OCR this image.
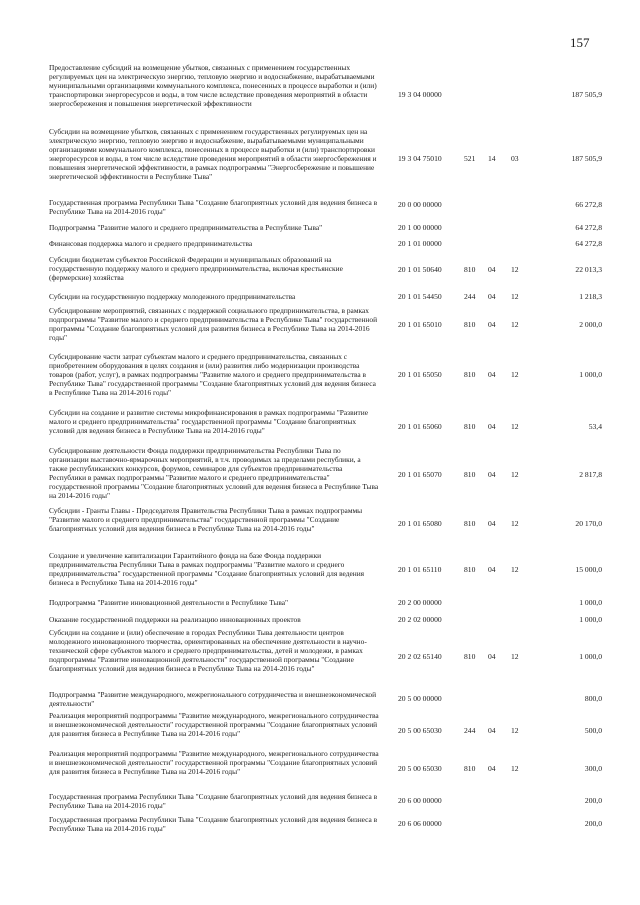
157
Предоставление субсидий на возмещение убытков, связанных с применением государственных регулируемых цен на электрическую энергию, тепловую энергию и водоснабжение, вырабатываемыми муниципальными организациями коммунального комплекса, понесенных в процессе выработки и (или) транспортировки энергоресурсов и воды, в том числе вследствие проведения мероприятий в области энергосбережения и повышения энергетической эффективности
19 3 04 00000	187 505,9
Субсидии на возмещение убытков, связанных с применением государственных регулируемых цен на электрическую энергию, тепловую энергию и водоснабжение, вырабатываемыми муниципальными организациями коммунального комплекса, понесенных в процессе выработки и (или) транспортировки энергоресурсов и воды, в том числе вследствие проведения мероприятий в области энергосбережения и повышения энергетической эффективности, в рамках подпрограммы "Энергосбережение и повышение энергетической эффективности в Республике Тыва"
19 3 04 75010	521 14 03	187 505,9
Государственная программа Республики Тыва "Создание благоприятных условий для ведения бизнеса в Республике Тыва на 2014-2016 годы"
20 0 00 00000	66 272,8
Подпрограмма "Развитие малого и среднего предпринимательства в Республике Тыва"	20 1 00 00000	64 272,8
Финансовая поддержка малого и среднего предпринимательства	20 1 01 00000	64 272,8
Субсидии бюджетам субъектов Российской Федерации и муниципальных образований на государственную поддержку малого и среднего предпринимательства, включая крестьянские (фермерские) хозяйства
20 1 01 50640	810 04 12	22 013,3
Субсидии на государственную поддержку молодежного предпринимательства	20 1 01 54450	244 04 12	1 218,3
Субсидирование мероприятий, связанных с поддержкой социального предпринимательства, в рамках подпрограммы "Развитие малого и среднего предпринимательства в Республике Тыва" государственной программы "Создание благоприятных условий для развития бизнеса в Республике Тыва на 2014-2016 годы"
20 1 01 65010	810 04 12	2 000,0
Субсидирование части затрат субъектам малого и среднего предпринимательства, связанных с приобретением оборудования в целях создания и (или) развития либо модернизации производства товаров (работ, услуг), в рамках подпрограммы "Развитие малого и среднего предпринимательства в Республике Тыва" государственной программы "Создание благоприятных условий для ведения бизнеса в Республике Тыва на 2014-2016 годы"
20 1 01 65050	810 04 12	1 000,0
Субсидии на создание и развитие системы микрофинансирования в рамках подпрограммы "Развитие малого и среднего предпринимательства" государственной программы "Создание благоприятных условий для ведения бизнеса в Республике Тыва на 2014-2016 годы"	20 1 01 65060	810 04 12	53,4
Субсидирование деятельности Фонда поддержки предпринимательства Республики Тыва по организации выставочно-ярмарочных мероприятий, в т.ч. проводимых за пределами республики, а также республиканских конкурсов, форумов, семинаров для субъектов предпринимательства Республики в рамках подпрограммы "Развитие малого и среднего предпринимательства" государственной программы "Создание благоприятных условий для ведения бизнеса в Республике Тыва на 2014-2016 годы"
20 1 01 65070	810 04 12	2 817,8
Субсидии - Гранты Главы - Председателя Правительства Республики Тыва в рамках подпрограммы "Развитие малого и среднего предпринимательства" государственной программы "Создание благоприятных условий для ведения бизнеса в Республике Тыва на 2014-2016 годы"
20 1 01 65080	810 04 12	20 170,0
Создание и увеличение капитализации Гарантийного фонда на базе Фонда поддержки предпринимательства Республики Тыва в рамках подпрограммы "Развитие малого и среднего предпринимательства" государственной программы "Создание благоприятных условий для ведения бизнеса в Республике Тыва на 2014-2016 годы"
20 1 01 65110	810 04 12	15 000,0
Подпрограмма "Развитие инновационной деятельности в Республике Тыва"	20 2 00 00000	1 000,0
Оказание государственной поддержки на реализацию инновационных проектов	20 2 02 00000	1 000,0
Субсидии на создание и (или) обеспечение в городах Республики Тыва деятельности центров молодежного инновационного творчества, ориентированных на обеспечение деятельности в научно-технической сфере субъектов малого и среднего предпринимательства, детей и молодежи, в рамках подпрограммы "Развитие инновационной деятельности" государственной программы "Создание благоприятных условий для ведения бизнеса в Республике Тыва на 2014-2016 годы"
20 2 02 65140	810 04 12	1 000,0
Подпрограмма "Развитие международного, межрегионального сотрудничества и внешнеэкономической деятельности"
20 5 00 00000	800,0
Реализация мероприятий подпрограммы "Развитие международного, межрегионального сотрудничества и внешнеэкономической деятельности" государственной программы "Создание благоприятных условий для развития бизнеса в Республике Тыва на 2014-2016 годы"	20 5 00 65030	244 04 12	500,0
Реализация мероприятий подпрограммы "Развитие международного, межрегионального сотрудничества и внешнеэкономической деятельности" государственной программы "Создание благоприятных условий для развития бизнеса в Республике Тыва на 2014-2016 годы"	20 5 00 65030	810 04 12	300,0
Государственная программа Республики Тыва "Создание благоприятных условий для ведения бизнеса в Республике Тыва на 2014-2016 годы"
20 6 00 00000	200,0
Государственная программа Республики Тыва "Создание благоприятных условий для ведения бизнеса в Республике Тыва на 2014-2016 годы"
20 6 06 00000	200,0
